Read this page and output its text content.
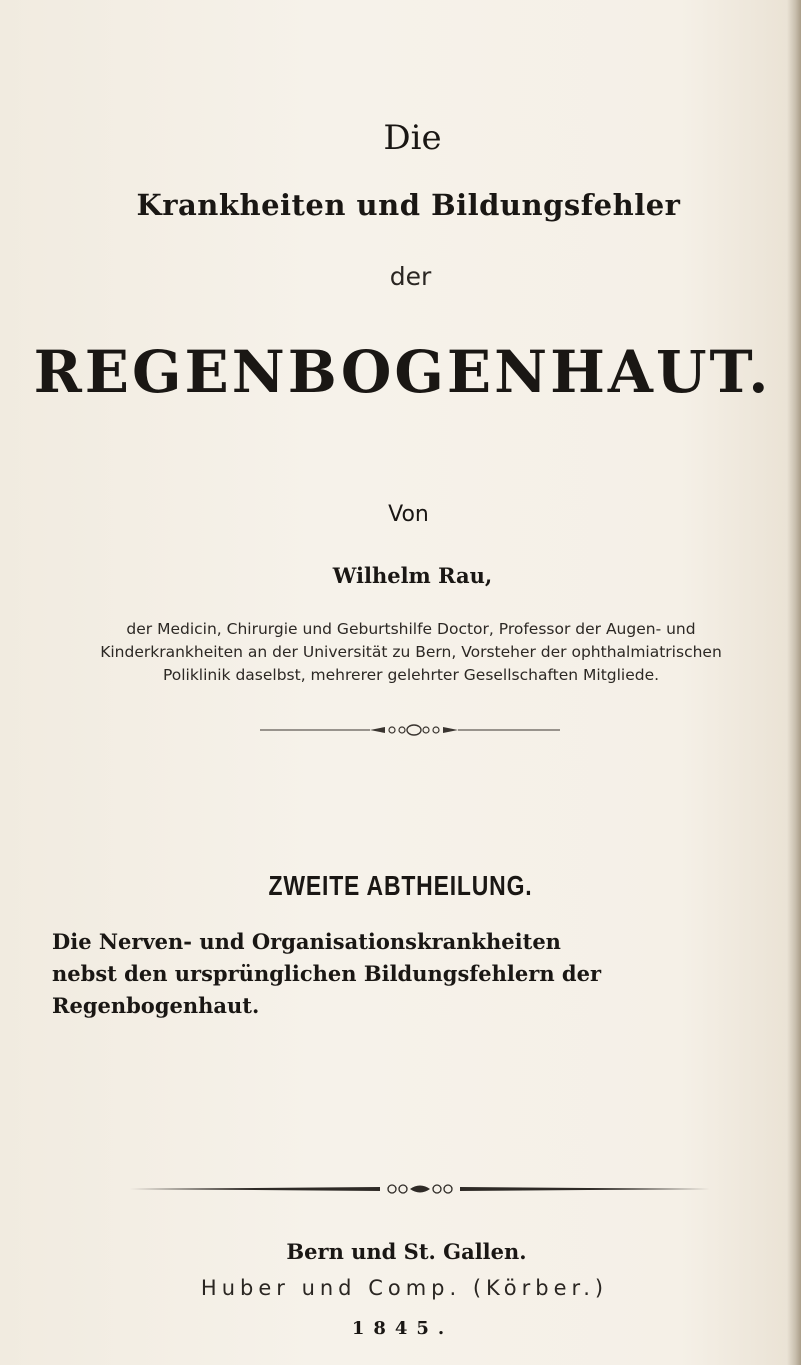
Die
Krankheiten und Bildungsfehler
der
REGENBOGENHAUT.
Von
Wilhelm Rau,
der Medicin, Chirurgie und Geburtshilfe Doctor, Professor der Augen- und
Kinderkrankheiten an der Universität zu Bern, Vorsteher der ophthalmiatrischen
Poliklinik daselbst, mehrerer gelehrter Gesellschaften Mitgliede.
ZWEITE ABTHEILUNG.
Die Nerven- und Organisationskrankheiten
nebst den ursprünglichen Bildungsfehlern der
Regenbogenhaut.
Bern und St. Gallen.
Huber und Comp. (Körber.)
1845.
